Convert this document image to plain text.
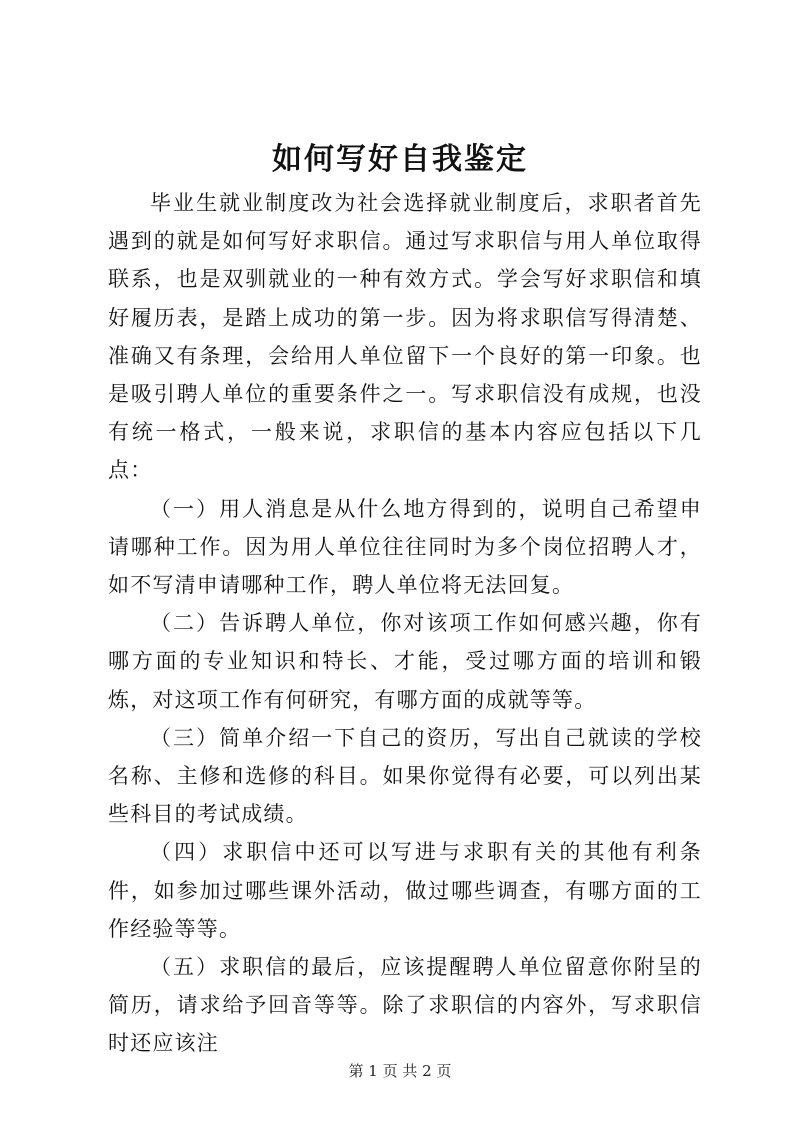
如何写好自我鉴定

毕业生就业制度改为社会选择就业制度后，求职者首先遇到的就是如何写好求职信。通过写求职信与用人单位取得联系，也是双驯就业的一种有效方式。学会写好求职信和填好履历表，是踏上成功的第一步。因为将求职信写得清楚、准确又有条理，会给用人单位留下一个良好的第一印象。也是吸引聘人单位的重要条件之一。写求职信没有成规，也没有统一格式，一般来说，求职信的基本内容应包括以下几点：

（一）用人消息是从什么地方得到的，说明自己希望申请哪种工作。因为用人单位往往同时为多个岗位招聘人才，如不写清申请哪种工作，聘人单位将无法回复。

（二）告诉聘人单位，你对该项工作如何感兴趣，你有哪方面的专业知识和特长、才能，受过哪方面的培训和锻炼，对这项工作有何研究，有哪方面的成就等等。

（三）简单介绍一下自己的资历，写出自己就读的学校名称、主修和选修的科目。如果你觉得有必要，可以列出某些科目的考试成绩。

（四）求职信中还可以写进与求职有关的其他有利条件，如参加过哪些课外活动，做过哪些调查，有哪方面的工作经验等等。

（五）求职信的最后，应该提醒聘人单位留意你附呈的简历，请求给予回音等等。除了求职信的内容外，写求职信时还应该注

第 1 页 共 2 页
